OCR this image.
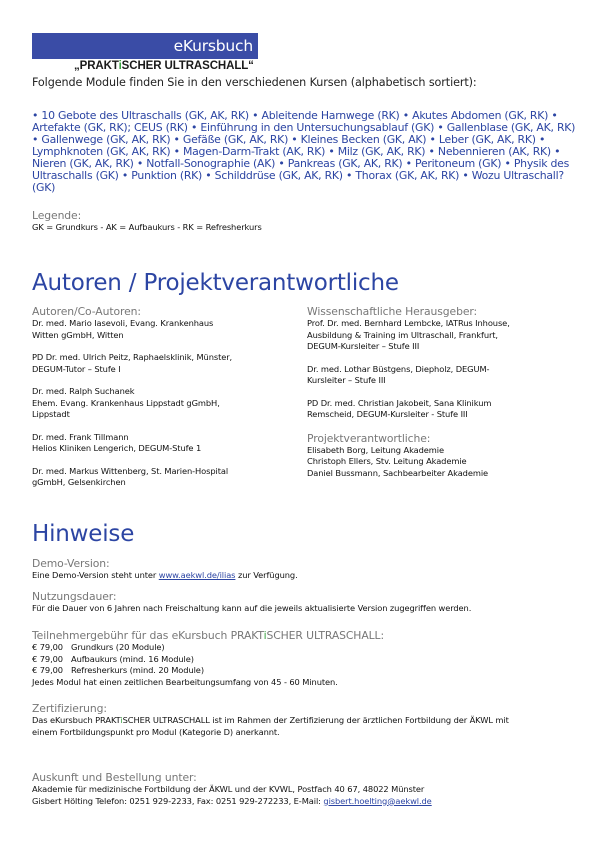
eKursbuch
„PRAKTiSCHER ULTRASCHALL“
Folgende Module finden Sie in den verschiedenen Kursen (alphabetisch sortiert):
• 10 Gebote des Ultraschalls (GK, AK, RK) • Ableitende Harnwege (RK) • Akutes Abdomen (GK, RK) • Artefakte (GK, RK); CEUS (RK) • Einführung in den Untersuchungsablauf (GK) • Gallenblase (GK, AK, RK) • Gallenwege (GK, AK, RK) • Gefäße (GK, AK, RK) • Kleines Becken (GK, AK) • Leber (GK, AK, RK) • Lymphknoten (GK, AK, RK) • Magen-Darm-Trakt (AK, RK) • Milz (GK, AK, RK) • Nebennieren (AK, RK) • Nieren (GK, AK, RK) • Notfall-Sonographie (AK) • Pankreas (GK, AK, RK) • Peritoneum (GK) • Physik des Ultraschalls (GK) • Punktion (RK) • Schilddrüse (GK, AK, RK) • Thorax (GK, AK, RK) • Wozu Ultraschall? (GK)
Legende:
GK = Grundkurs - AK = Aufbaukurs - RK = Refresherkurs
Autoren / Projektverantwortliche
Autoren/Co-Autoren:
Dr. med. Mario Iasevoli, Evang. Krankenhaus
Witten gGmbH, Witten
PD Dr. med. Ulrich Peitz, Raphaelsklinik, Münster,
DEGUM-Tutor – Stufe I
Dr. med. Ralph Suchanek
Ehem. Evang. Krankenhaus Lippstadt gGmbH,
Lippstadt
Dr. med. Frank Tillmann
Helios Kliniken Lengerich, DEGUM-Stufe 1
Dr. med. Markus Wittenberg, St. Marien-Hospital
gGmbH, Gelsenkirchen
Wissenschaftliche Herausgeber:
Prof. Dr. med. Bernhard Lembcke, IATRus Inhouse,
Ausbildung & Training im Ultraschall, Frankfurt,
DEGUM-Kursleiter – Stufe III
Dr. med. Lothar Büstgens, Diepholz, DEGUM-
Kursleiter – Stufe III
PD Dr. med. Christian Jakobeit, Sana Klinikum
Remscheid, DEGUM-Kursleiter - Stufe III
Projektverantwortliche:
Elisabeth Borg, Leitung Akademie
Christoph Ellers, Stv. Leitung Akademie
Daniel Bussmann, Sachbearbeiter Akademie
Hinweise
Demo-Version:
Eine Demo-Version steht unter www.aekwl.de/ilias zur Verfügung.
Nutzungsdauer:
Für die Dauer von 6 Jahren nach Freischaltung kann auf die jeweils aktualisierte Version zugegriffen werden.
Teilnehmergebühr für das eKursbuch PRAKTiSCHER ULTRASCHALL:
€ 79,00 Grundkurs (20 Module)
€ 79,00 Aufbaukurs (mind. 16 Module)
€ 79,00 Refresherkurs (mind. 20 Module)
Jedes Modul hat einen zeitlichen Bearbeitungsumfang von 45 - 60 Minuten.
Zertifizierung:
Das eKursbuch PRAKTiSCHER ULTRASCHALL ist im Rahmen der Zertifizierung der ärztlichen Fortbildung der ÄKWL mit
einem Fortbildungspunkt pro Modul (Kategorie D) anerkannt.
Auskunft und Bestellung unter:
Akademie für medizinische Fortbildung der ÄKWL und der KVWL, Postfach 40 67, 48022 Münster
Gisbert Hölting Telefon: 0251 929-2233, Fax: 0251 929-272233, E-Mail: gisbert.hoelting@aekwl.de
